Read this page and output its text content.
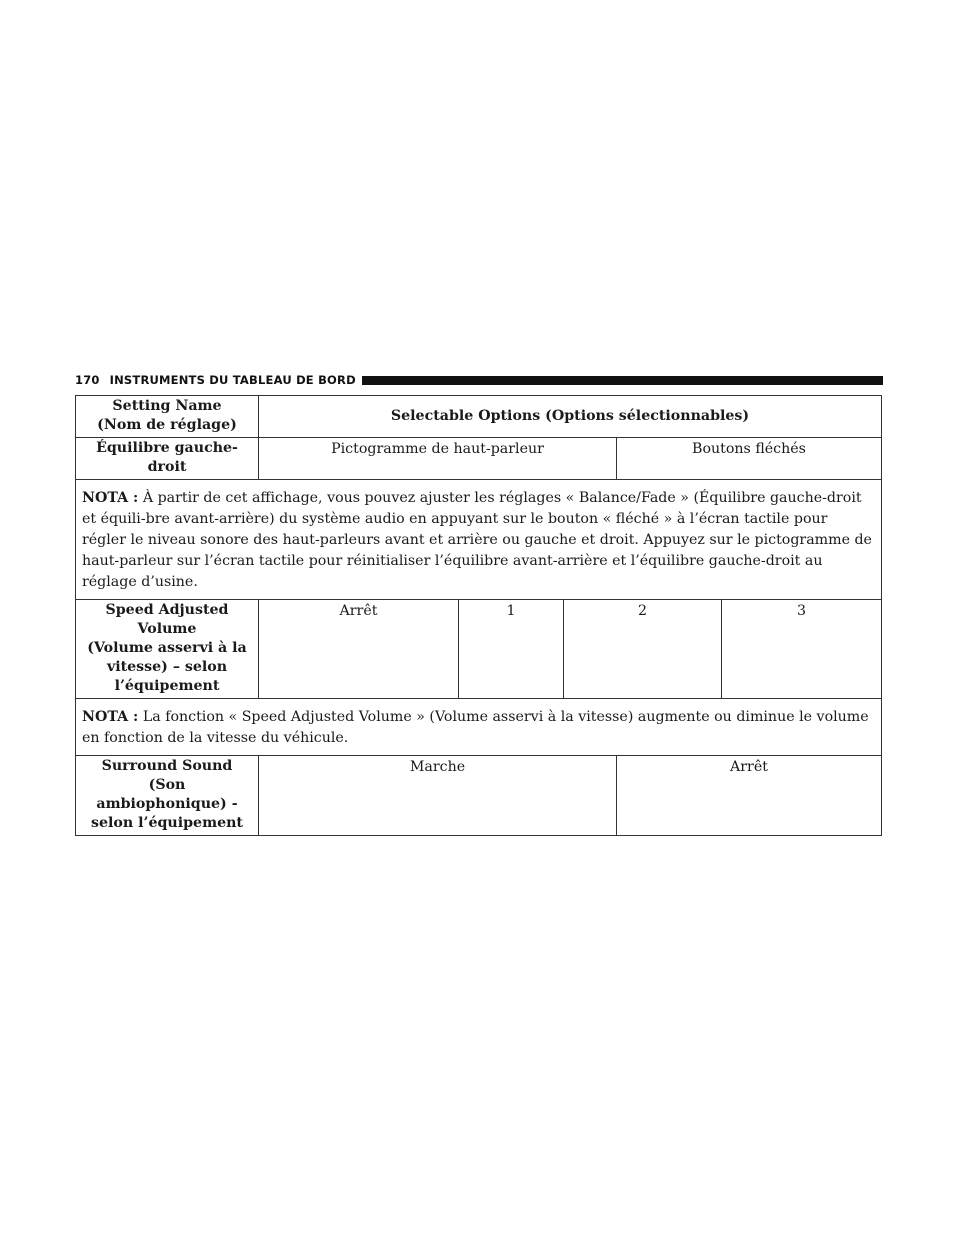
170 INSTRUMENTS DU TABLEAU DE BORD
Setting Name
(Nom de réglage)	Selectable Options (Options sélectionnables)				
Équilibre gauche-droit	Pictogramme de haut-parleur			Boutons fléchés	
NOTA : À partir de cet affichage, vous pouvez ajuster les réglages « Balance/Fade » (Équilibre gauche-droit et équili-bre avant-arrière) du système audio en appuyant sur le bouton « fléché » à l’écran tactile pour régler le niveau sonore des haut-parleurs avant et arrière ou gauche et droit. Appuyez sur le pictogramme de haut-parleur sur l’écran tactile pour réinitialiser l’équilibre avant-arrière et l’équilibre gauche-droit au réglage d’usine.					

Speed Adjusted Volume
(Volume asservi à la
vitesse) – selon
l’équipement	Arrêt	1	2		3
NOTA : La fonction « Speed Adjusted Volume » (Volume asservi à la vitesse) augmente ou diminue le volume en fonction de la vitesse du véhicule.					

Surround Sound
(Son ambiophonique) -
selon l’équipement	Marche			Arrêt	
